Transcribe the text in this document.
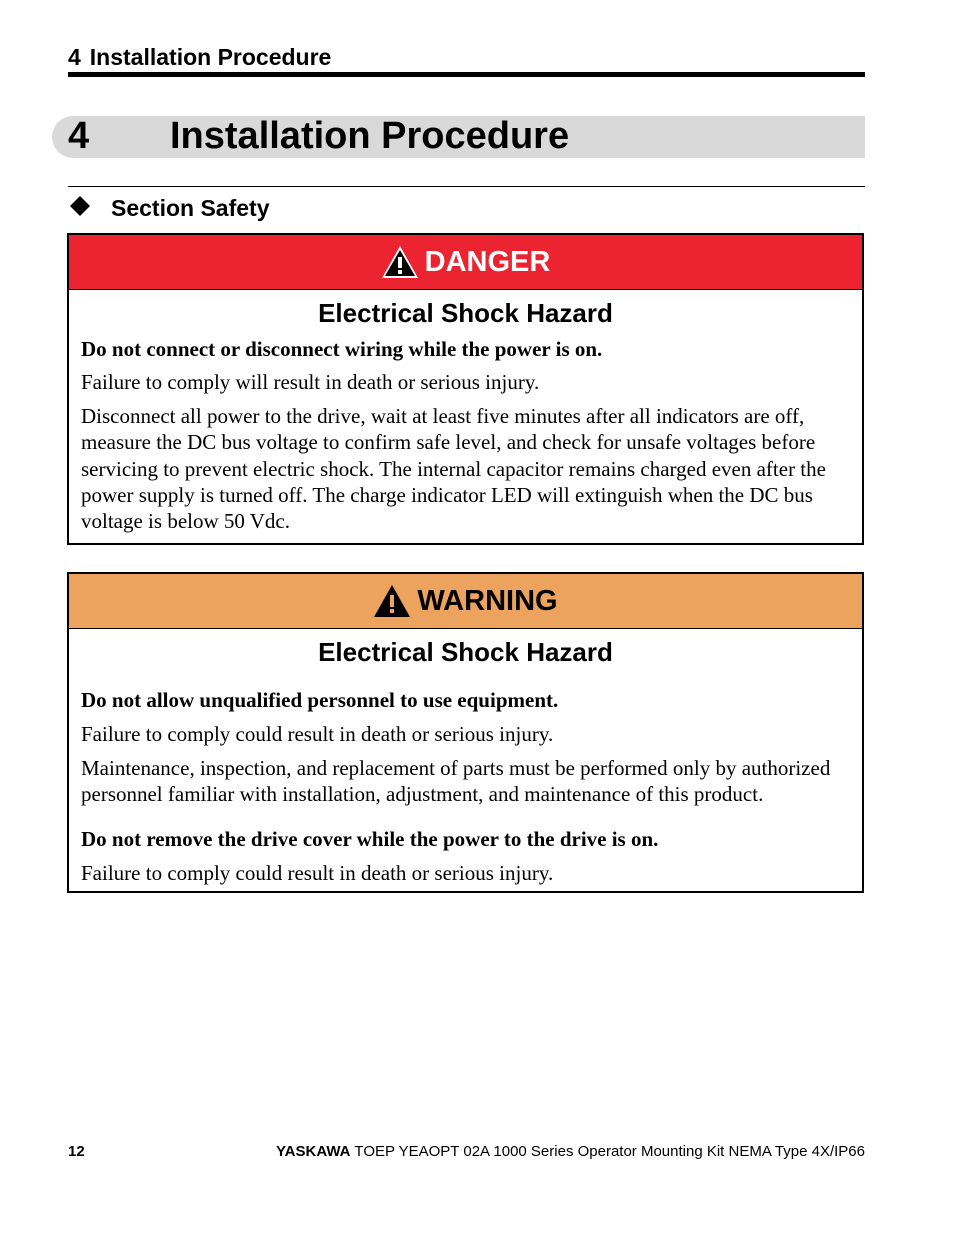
4 Installation Procedure
4 Installation Procedure
Section Safety
DANGER
Electrical Shock Hazard

Do not connect or disconnect wiring while the power is on.

Failure to comply will result in death or serious injury.

Disconnect all power to the drive, wait at least five minutes after all indicators are off, measure the DC bus voltage to confirm safe level, and check for unsafe voltages before servicing to prevent electric shock. The internal capacitor remains charged even after the power supply is turned off. The charge indicator LED will extinguish when the DC bus voltage is below 50 Vdc.

WARNING
Electrical Shock Hazard

Do not allow unqualified personnel to use equipment.

Failure to comply could result in death or serious injury.

Maintenance, inspection, and replacement of parts must be performed only by authorized personnel familiar with installation, adjustment, and maintenance of this product.

Do not remove the drive cover while the power to the drive is on.

Failure to comply could result in death or serious injury.

12	YASKAWA TOEP YEAOPT 02A 1000 Series Operator Mounting Kit NEMA Type 4X/IP66
